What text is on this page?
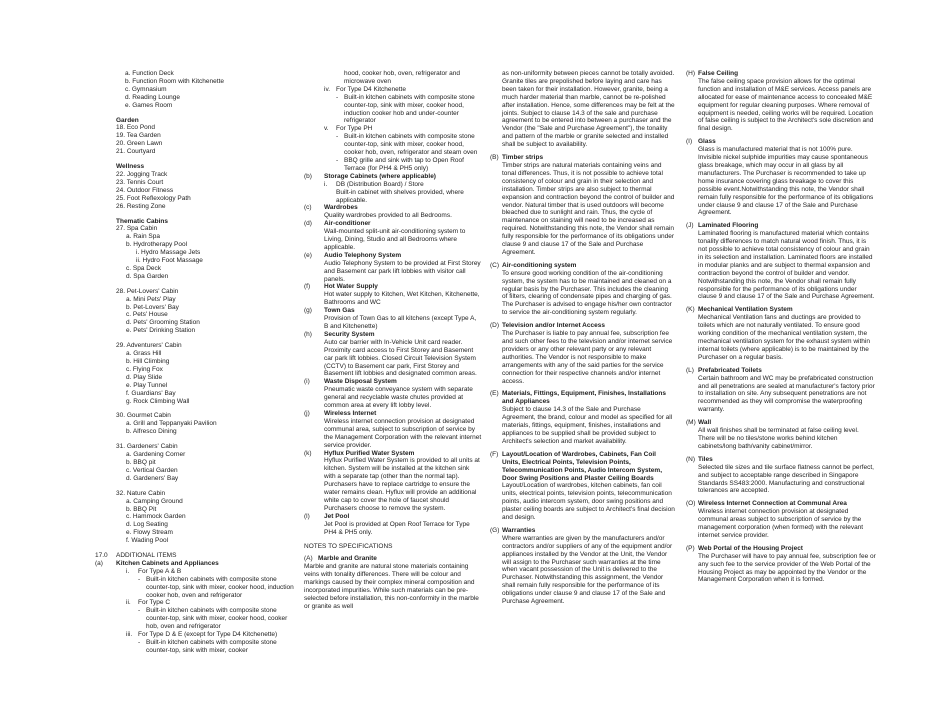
a. Function Deck
b. Function Room with Kitchenette
c. Gymnasium
d. Reading Lounge
e. Games Room
Garden
18. Eco Pond
19. Tea Garden
20. Green Lawn
21. Courtyard
Wellness
22. Jogging Track
23. Tennis Court
24. Outdoor Fitness
25. Foot Reflexology Path
26. Resting Zone
Thematic Cabins
27. Spa Cabin
a. Rain Spa
b. Hydrotherapy Pool
i. Hydro Massage Jets
ii. Hydro Foot Massage
c. Spa Deck
d. Spa Garden
28. Pet-Lovers' Cabin
a. Mini Pets' Play
b. Pet-Lovers' Bay
c. Pets' House
d. Pets' Grooming Station
e. Pets' Drinking Station
29. Adventurers' Cabin
a. Grass Hill
b. Hill Climbing
c. Flying Fox
d. Play Slide
e. Play Tunnel
f. Guardians' Bay
g. Rock Climbing Wall
30. Gourmet Cabin
a. Grill and Teppanyaki Pavilion
b. Alfresco Dining
31. Gardeners' Cabin
a. Gardening Corner
b. BBQ pit
c. Vertical Garden
d. Gardeners' Bay
32. Nature Cabin
a. Camping Ground
b. BBQ Pit
c. Hammock Garden
d. Log Seating
e. Flowy Stream
f. Wading Pool
17.0	ADDITIONAL ITEMS
(a)	Kitchen Cabinets and Appliances
i.	For Type A & B
- Built-in kitchen cabinets with composite stone counter-top, sink with mixer, cooker hood, induction cooker hob, oven and refrigerator
ii.	For Type C
- Built-in kitchen cabinets with composite stone counter-top, sink with mixer, cooker hood, cooker hob, oven and refrigerator
iii. For Type D & E (except for Type D4 Kitchenette)
- Built-in kitchen cabinets with composite stone counter-top, sink with mixer, cooker
hood, cooker hob, oven, refrigerator and microwave oven
iv. For Type D4 Kitchenette
- Built-in kitchen cabinets with composite stone counter-top, sink with mixer, cooker hood, induction cooker hob and under-counter refrigerator
v.	For Type PH
- Built-in kitchen cabinets with composite stone counter-top, sink with mixer, cooker hood, cooker hob, oven, refrigerator and steam oven
- BBQ grille and sink with tap to Open Roof Terrace (for PH4 & PH5 only)
(b)	Storage Cabinets (where applicable)
i.	DB (Distribution Board) / Store
Built-in cabinet with shelves provided, where applicable.
(c)	Wardrobes
Quality wardrobes provided to all Bedrooms.
(d)	Air-conditioner
Wall-mounted split-unit air-conditioning system to Living, Dining, Studio and all Bedrooms where applicable.
(e)	Audio Telephony System
Audio Telephony System to be provided at First Storey and Basement car park lift lobbies with visitor call panels.
(f)	Hot Water Supply
Hot water supply to Kitchen, Wet Kitchen, Kitchenette, Bathrooms and WC
(g)	Town Gas
Provision of Town Gas to all kitchens (except Type A, B and Kitchenette)
(h)	Security System
Auto car barrier with In-Vehicle Unit card reader. Proximity card access to First Storey and Basement car park lift lobbies. Closed Circuit Television System (CCTV) to Basement car park, First Storey and Basement lift lobbies and designated common areas.
(i)	Waste Disposal System
Pneumatic waste conveyance system with separate general and recyclable waste chutes provided at common area at every lift lobby level.
(j)	Wireless Internet
Wireless internet connection provision at designated communal area, subject to subscription of service by the Management Corporation with the relevant internet service provider.
(k)	Hyflux Purified Water System
Hyflux Purified Water System is provided to all units at kitchen. System will be installed at the kitchen sink with a separate tap (other than the normal tap). Purchasers have to replace cartridge to ensure the water remains clean. Hyflux will provide an additional white cap to cover the hole of faucet should Purchasers choose to remove the system.
(l)	Jet Pool
Jet Pool is provided at Open Roof Terrace for Type PH4 & PH5 only.
NOTES TO SPECIFICATIONS
(A) Marble and Granite
Marble and granite are natural stone materials containing veins with tonality differences. There will be colour and markings caused by their complex mineral composition and incorporated impurities. While such materials can be pre-selected before installation, this non-conformity in the marble or granite as well
as non-uniformity between pieces cannot be totally avoided. Granite tiles are prepolished before laying and care has been taken for their installation. However, granite, being a much harder material than marble, cannot be re-polished after installation. Hence, some differences may be felt at the joints. Subject to clause 14.3 of the sale and purchase agreement to be entered into between a purchaser and the Vendor (the "Sale and Purchase Agreement"), the tonality and pattern of the marble or granite selected and installed shall be subject to availability.
(B) Timber strips
Timber strips are natural materials containing veins and tonal differences. Thus, it is not possible to achieve total consistency of colour and grain in their selection and installation. Timber strips are also subject to thermal expansion and contraction beyond the control of builder and vendor. Natural timber that is used outdoors will become bleached due to sunlight and rain. Thus, the cycle of maintenance on staining will need to be increased as required. Notwithstanding this note, the Vendor shall remain fully responsible for the performance of its obligations under clause 9 and clause 17 of the Sale and Purchase Agreement.
(C) Air-conditioning system
To ensure good working condition of the air-conditioning system, the system has to be maintained and cleaned on a regular basis by the Purchaser. This includes the cleaning of filters, clearing of condensate pipes and charging of gas. The Purchaser is advised to engage his/her own contractor to service the air-conditioning system regularly.
(D) Television and/or Internet Access
The Purchaser is liable to pay annual fee, subscription fee and such other fees to the television and/or internet service providers or any other relevant party or any relevant authorities. The Vendor is not responsible to make arrangements with any of the said parties for the service connection for their respective channels and/or internet access.
(E) Materials, Fittings, Equipment, Finishes, Installations and Appliances
Subject to clause 14.3 of the Sale and Purchase Agreement, the brand, colour and model as specified for all materials, fittings, equipment, finishes, installations and appliances to be supplied shall be provided subject to Architect's selection and market availability.
(F) Layout/Location of Wardrobes, Cabinets, Fan Coil Units, Electrical Points, Television Points, Telecommunication Points, Audio Intercom System, Door Swing Positions and Plaster Ceiling Boards
Layout/Location of wardrobes, kitchen cabinets, fan coil units, electrical points, television points, telecommunication points, audio intercom system, door swing positions and plaster ceiling boards are subject to Architect's final decision and design.
(G) Warranties
Where warranties are given by the manufacturers and/or contractors and/or suppliers of any of the equipment and/or appliances installed by the Vendor at the Unit, the Vendor will assign to the Purchaser such warranties at the time when vacant possession of the Unit is delivered to the Purchaser. Notwithstanding this assignment, the Vendor shall remain fully responsible for the performance of its obligations under clause 9 and clause 17 of the Sale and Purchase Agreement.
(H) False Ceiling
The false ceiling space provision allows for the optimal function and installation of M&E services. Access panels are allocated for ease of maintenance access to concealed M&E equipment for regular cleaning purposes. Where removal of equipment is needed, ceiling works will be required. Location of false ceiling is subject to the Architect's sole discretion and final design.
(I) Glass
Glass is manufactured material that is not 100% pure. Invisible nickel sulphide impurities may cause spontaneous glass breakage, which may occur in all glass by all manufacturers. The Purchaser is recommended to take up home insurance covering glass breakage to cover this possible event.Notwithstanding this note, the Vendor shall remain fully responsible for the performance of its obligations under clause 9 and clause 17 of the Sale and Purchase Agreement.
(J) Laminated Flooring
Laminated flooring is manufactured material which contains tonality differences to match natural wood finish. Thus, it is not possible to achieve total consistency of colour and grain in its selection and installation. Laminated floors are installed in modular planks and are subject to thermal expansion and contraction beyond the control of builder and vendor. Notwithstanding this note, the Vendor shall remain fully responsible for the performance of its obligations under clause 9 and clause 17 of the Sale and Purchase Agreement.
(K) Mechanical Ventilation System
Mechanical Ventilation fans and ductings are provided to toilets which are not naturally ventilated. To ensure good working condition of the mechanical ventilation system, the mechanical ventilation system for the exhaust system within internal toilets (where applicable) is to be maintained by the Purchaser on a regular basis.
(L) Prefabricated Toilets
Certain bathroom and WC may be prefabricated construction and all penetrations are sealed at manufacturer's factory prior to installation on site. Any subsequent penetrations are not recommended as they will compromise the waterproofing warranty.
(M) Wall
All wall finishes shall be terminated at false ceiling level. There will be no tiles/stone works behind kitchen cabinets/long bath/vanity cabinet/mirror.
(N) Tiles
Selected tile sizes and tile surface flatness cannot be perfect, and subject to acceptable range described in Singapore Standards SS483:2000. Manufacturing and constructional tolerances are accepted.
(O) Wireless Internet Connection at Communal Area
Wireless internet connection provision at designated communal areas subject to subscription of service by the management corporation (when formed) with the relevant internet service provider.
(P) Web Portal of the Housing Project
The Purchaser will have to pay annual fee, subscription fee or any such fee to the service provider of the Web Portal of the Housing Project as may be appointed by the Vendor or the Management Corporation when it is formed.
